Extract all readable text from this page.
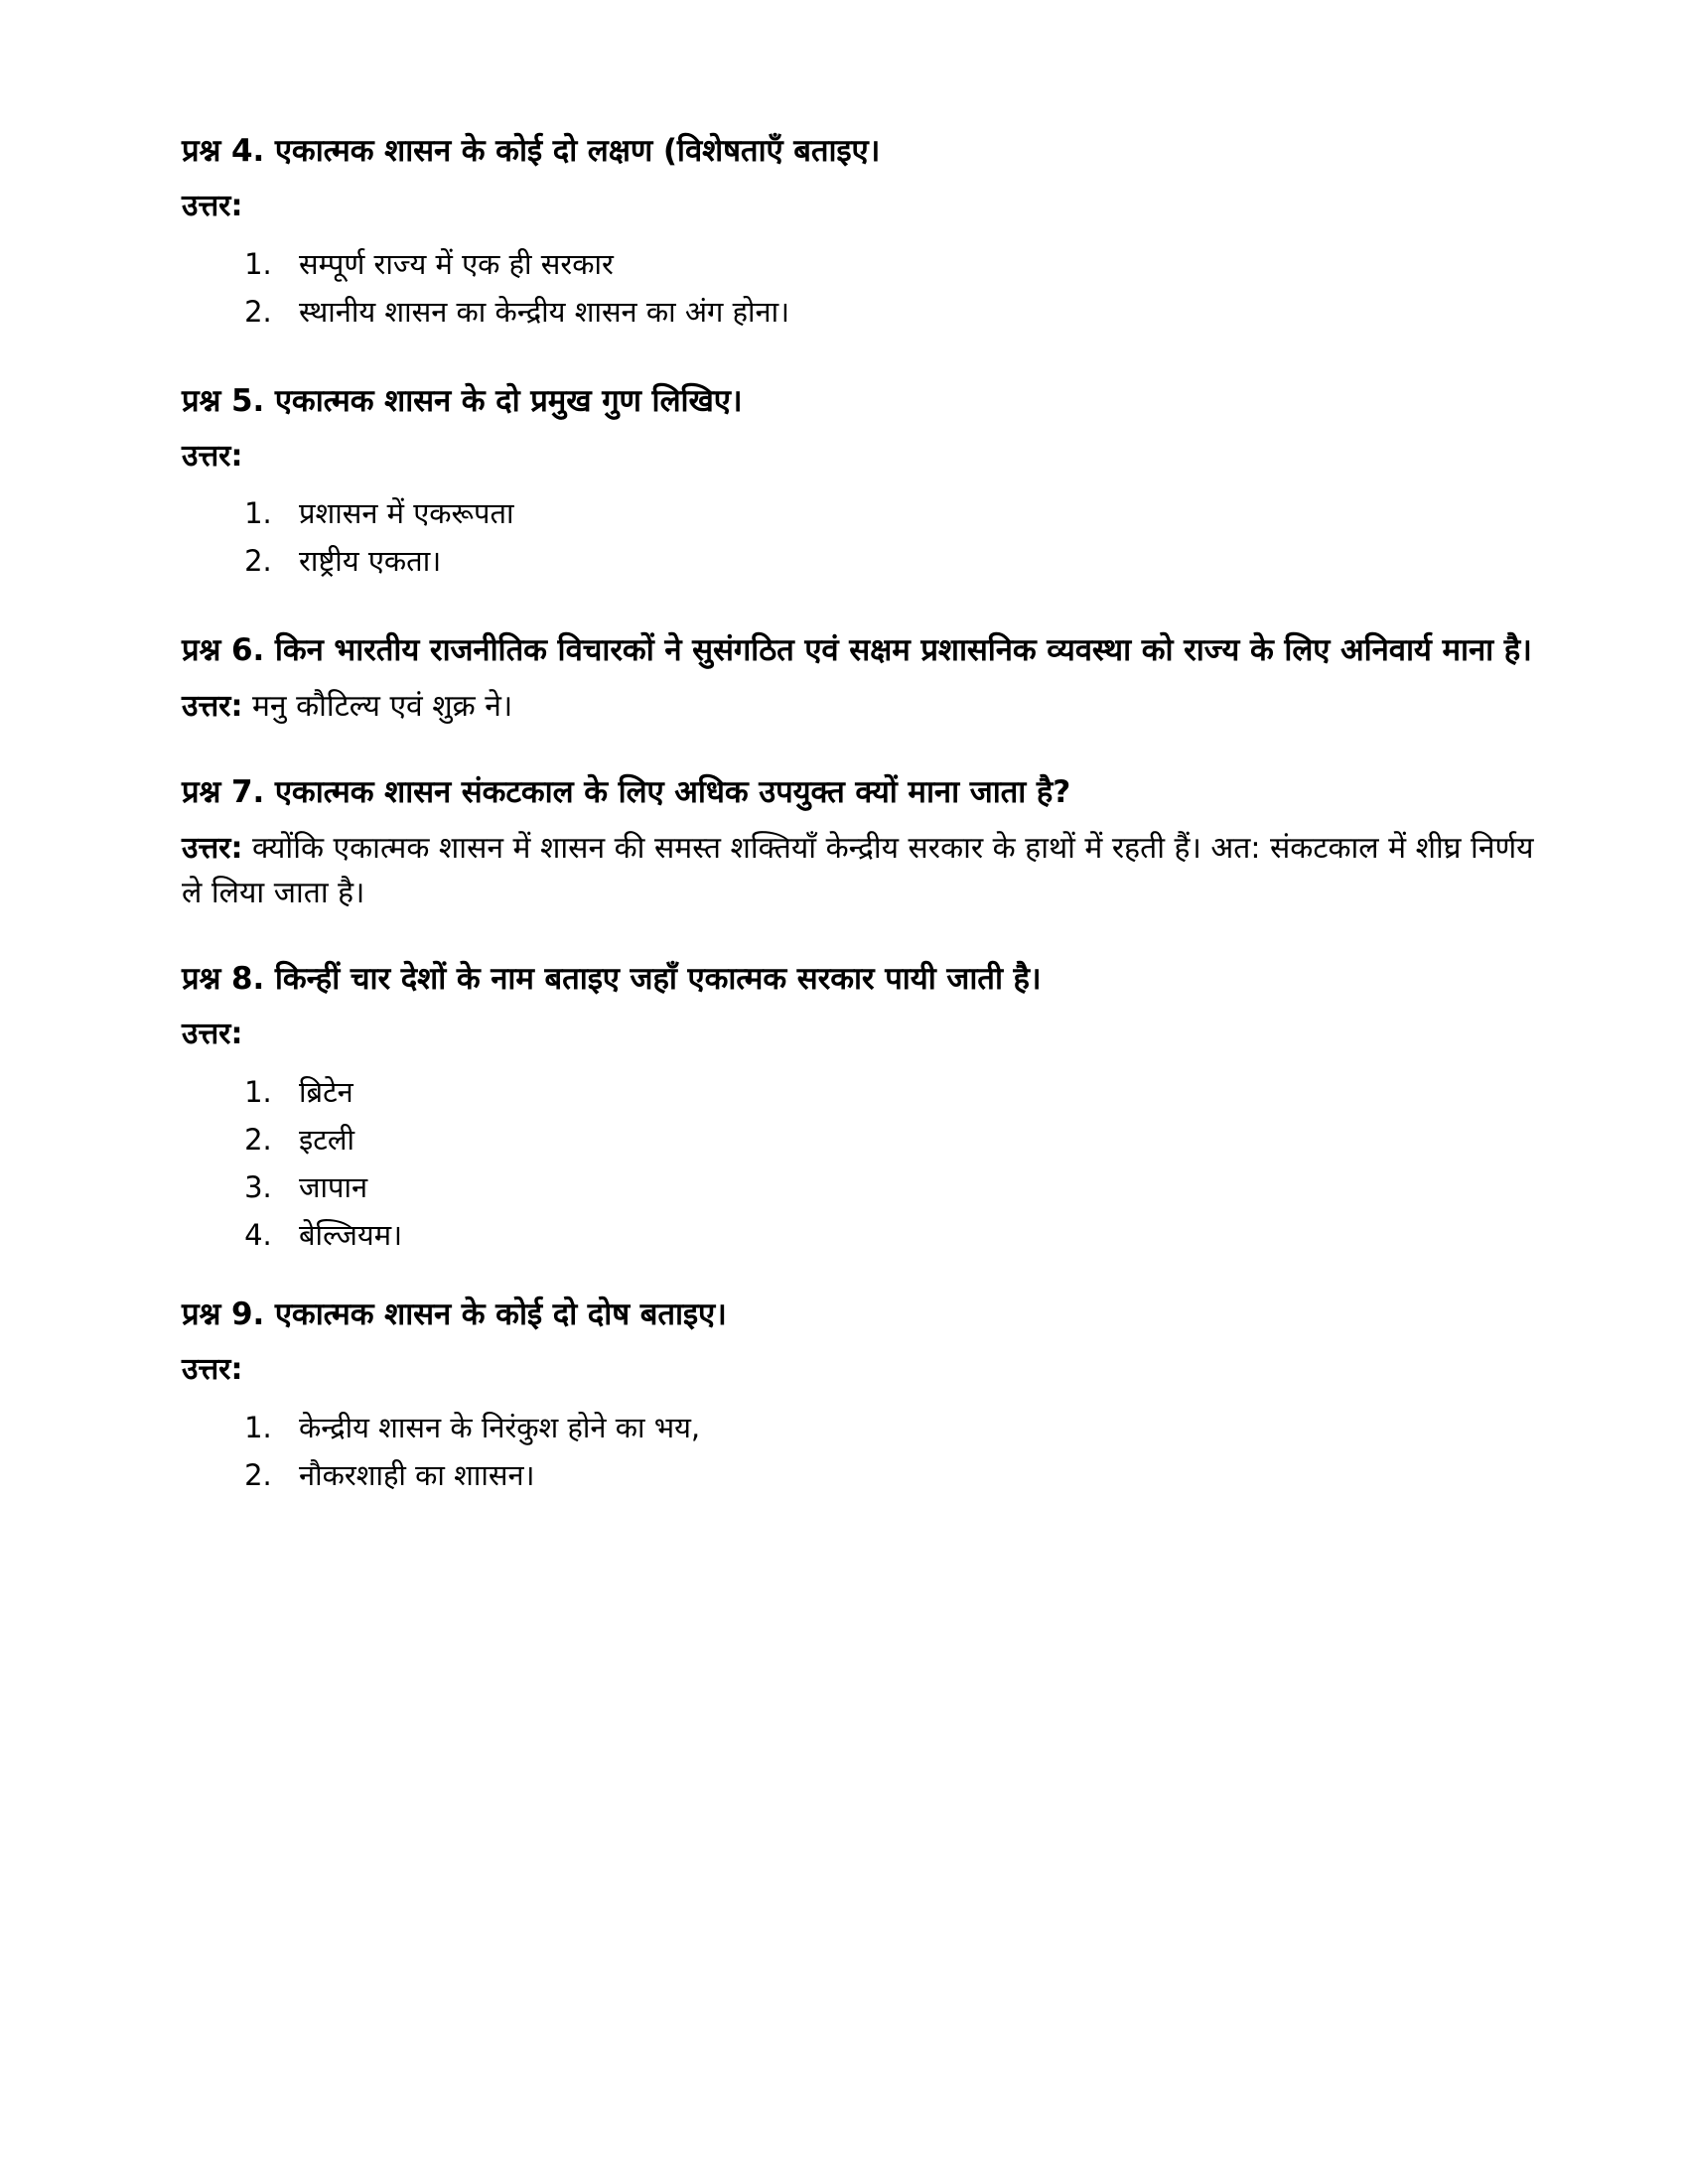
प्रश्न 4. एकात्मक शासन के कोई दो लक्षण (विशेषताएँ बताइए।

उत्तर:

1. सम्पूर्ण राज्य में एक ही सरकार
2. स्थानीय शासन का केन्द्रीय शासन का अंग होना।

प्रश्न 5. एकात्मक शासन के दो प्रमुख गुण लिखिए।

उत्तर:

1. प्रशासन में एकरूपता
2. राष्ट्रीय एकता।

प्रश्न 6. किन भारतीय राजनीतिक विचारकों ने सुसंगठित एवं सक्षम प्रशासनिक व्यवस्था को राज्य के लिए अनिवार्य माना है।

उत्तर: मनु कौटिल्य एवं शुक्र ने।

प्रश्न 7. एकात्मक शासन संकटकाल के लिए अधिक उपयुक्त क्यों माना जाता है?

उत्तर: क्योंकि एकात्मक शासन में शासन की समस्त शक्तियाँ केन्द्रीय सरकार के हाथों में रहती हैं। अत: संकटकाल में शीघ्र निर्णय ले लिया जाता है।

प्रश्न 8. किन्हीं चार देशों के नाम बताइए जहाँ एकात्मक सरकार पायी जाती है।

उत्तर:

1. ब्रिटेन
2. इटली
3. जापान
4. बेल्जियम।

प्रश्न 9. एकात्मक शासन के कोई दो दोष बताइए।

उत्तर:

1. केन्द्रीय शासन के निरंकुश होने का भय,
2. नौकरशाही का शाासन।
